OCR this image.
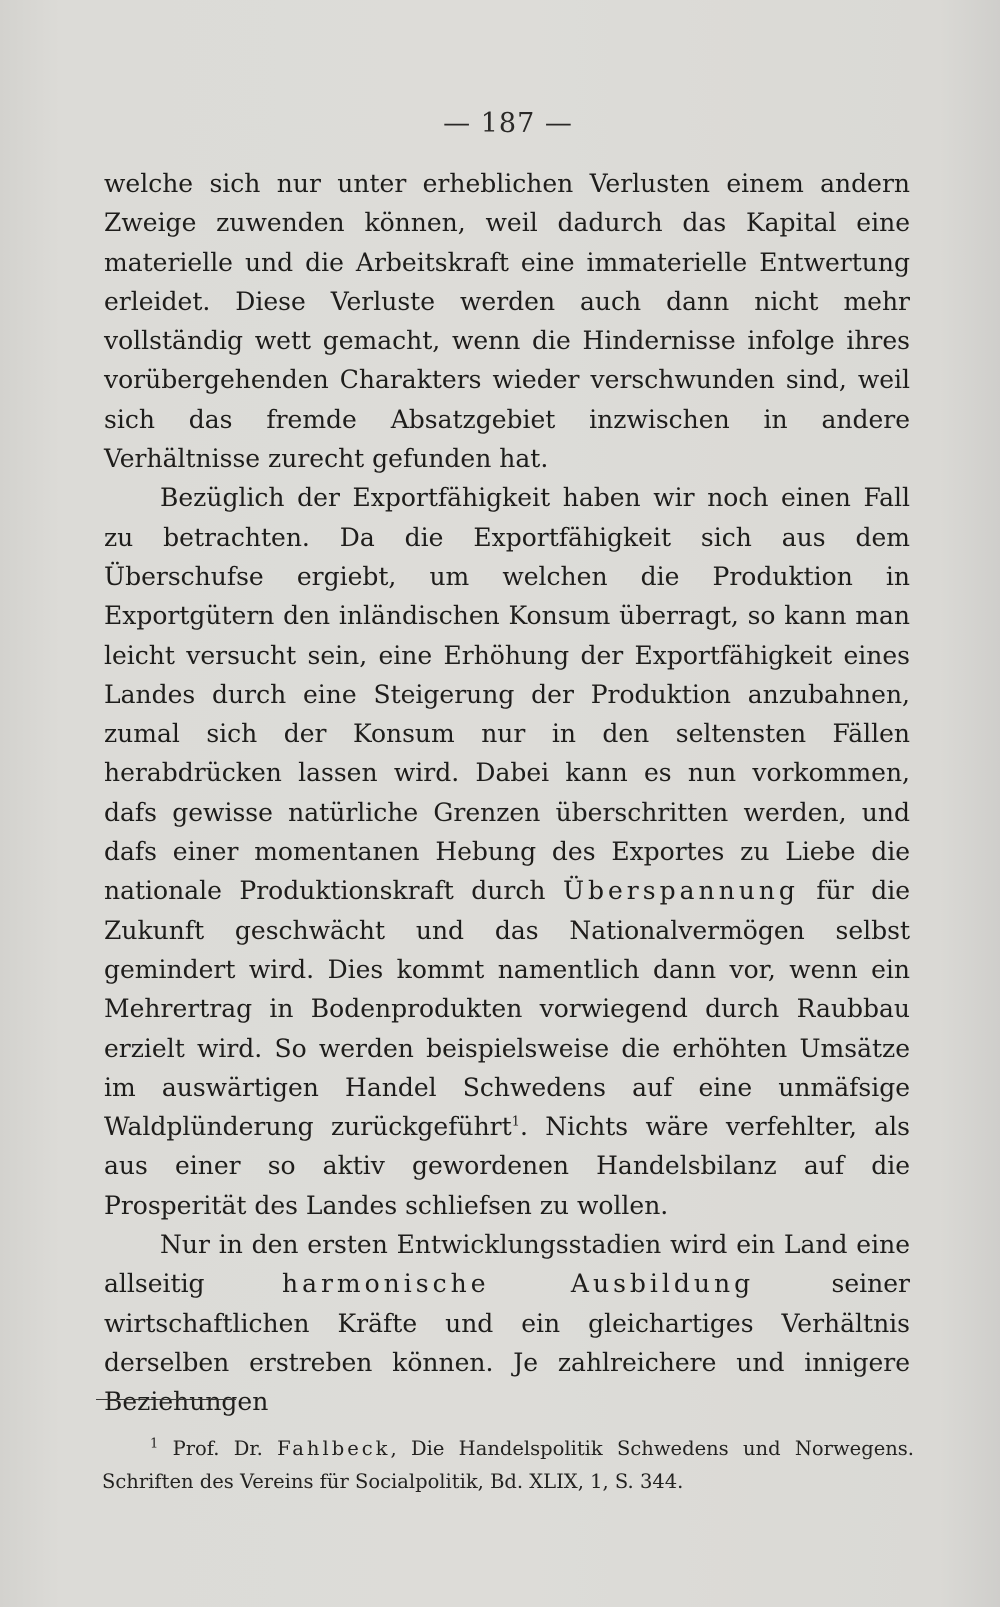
— 187 —

welche sich nur unter erheblichen Verlusten einem andern Zweige zuwenden können, weil dadurch das Kapital eine materielle und die Arbeitskraft eine immaterielle Entwertung erleidet. Diese Verluste werden auch dann nicht mehr vollständig wett gemacht, wenn die Hindernisse infolge ihres vorübergehenden Charakters wieder verschwunden sind, weil sich das fremde Absatzgebiet inzwischen in andere Verhältnisse zurecht gefunden hat.

Bezüglich der Exportfähigkeit haben wir noch einen Fall zu betrachten. Da die Exportfähigkeit sich aus dem Überschufse ergiebt, um welchen die Produktion in Exportgütern den inländischen Konsum überragt, so kann man leicht versucht sein, eine Erhöhung der Exportfähigkeit eines Landes durch eine Steigerung der Produktion anzubahnen, zumal sich der Konsum nur in den seltensten Fällen herabdrücken lassen wird. Dabei kann es nun vorkommen, dafs gewisse natürliche Grenzen überschritten werden, und dafs einer momentanen Hebung des Exportes zu Liebe die nationale Produktionskraft durch Überspannung für die Zukunft geschwächt und das Nationalvermögen selbst gemindert wird. Dies kommt namentlich dann vor, wenn ein Mehrertrag in Bodenprodukten vorwiegend durch Raubbau erzielt wird. So werden beispielsweise die erhöhten Umsätze im auswärtigen Handel Schwedens auf eine unmäfsige Waldplünderung zurückgeführt$^1$. Nichts wäre verfehlter, als aus einer so aktiv gewordenen Handelsbilanz auf die Prosperität des Landes schliefsen zu wollen.

Nur in den ersten Entwicklungsstadien wird ein Land eine allseitig harmonische Ausbildung seiner wirtschaftlichen Kräfte und ein gleichartiges Verhältnis derselben erstreben können. Je zahlreichere und innigere Beziehungen

$^1$ Prof. Dr. Fahlbeck, Die Handelspolitik Schwedens und Norwegens. Schriften des Vereins für Socialpolitik, Bd. XLIX, 1, S. 344.
